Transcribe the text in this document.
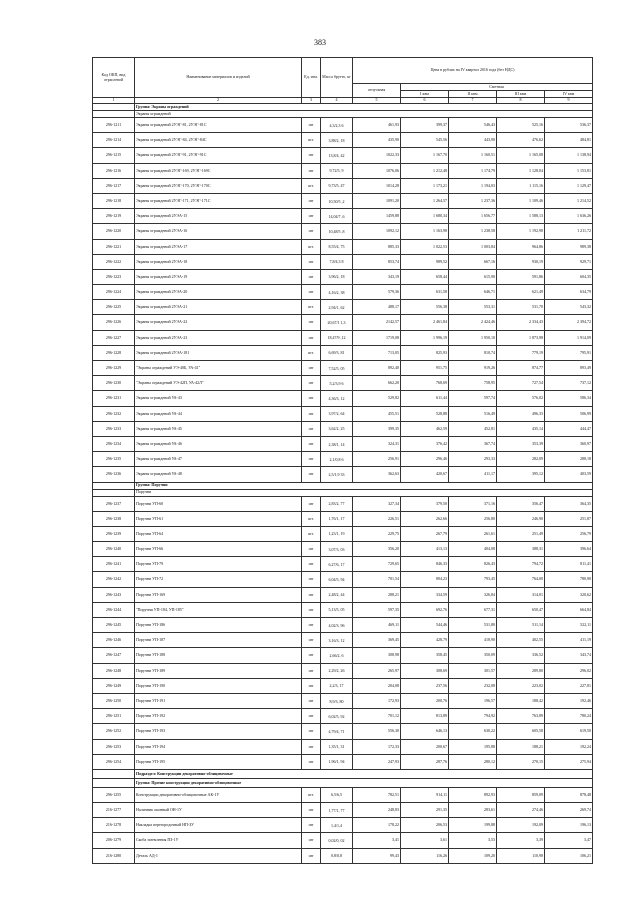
383
Код ОКП, вид отраслевой	Наименование материалов и изделий	Ед. изм.	Масса брутто, кг	Цена в рублях на IV квартал 2016 года (без НДС)				
				отпускная	Сметная			
					I квм	II квм	III квм	IV квм
1	2	3	4	5	6	7	8	9
	Группа: Экраны ограждений							
	Экраны ограждений							
296-1211	Экраны ограждений 2УЭГ-81, 2УЭГ-81С	шт	4,3/2,3 6	461,93	399,37	546,43	525,16	536,37
296-1214	Экраны ограждений 2УЭГ-84, 2УЭГ-84С	шт.	3,88/2, 18	435,90	545,56	443,90	476,62	484,81
296-1215	Экраны ограждений 2УЭГ-91, 2УЭГ-91С	шт	13,8/4, 42	1022,33	1 167,70	1 160,51	1 165,08	1 138,94
296-1216	Экраны ограждений 2УЭГ-169, 2УЭГ-169С	шт	9,72/5, 9	1076,06	1 212,48	1 174,79	1 128,04	1 153,81
296-1217	Экраны ограждений 2УЭГ-170, 2УЭГ-170С	шт.	9,73/5, 47	1014,28	1 173,21	1 194,03	1 115,16	1 129,47
296-1218	Экраны ограждений 2УЭГ-171, 2УЭГ-171С	шт	10,50/5 ,2	1091,20	1 264,57	1 237,36	1 109,46	1 214,52
296-1219	Экраны ограждений 2УЭА-15	шт	14,04/7 ,6	1459,88	1 680,34	1 656,77	1 588,13	1 636,26
296-1220	Экраны ограждений 2УЭА-16	шт	10,48/5 ,8	1092,12	1 163,98	1 238,58	1 192,98	1 211,72
296-1221	Экраны ограждений 2УЭА-17	шт.	8,55/4, 75	885,33	1 022,53	1 003,84	964,86	989,38
296-1222	Экраны ограждений 2УЭА-18	шт	7,8/4,3 8	853,74	989,52	667,16	930,19	929,71
296-1223	Экраны ограждений 2УЭА-19	шт	3,96/2, 18	343,19	658,44	615,90	591,86	604,35
296-1224	Экраны ограждений 2УЭА-20	шт	4,16/2, 38	579,36	631,58	646,71	621,49	634,79
296-1225	Экраны ограждений 2УЭА-21	шт.	2,94/1, 62	488,17	556,38	553,31	531,70	543,32
296-1226	Экраны ограждений 2УЭА-22	шт	20,67/1 1,3	2142,57	2 461,84	2 424,46	2 334,43	2 394,72
296-1227	Экраны ограждений 2УЭА-23	шт	18,47/9 ,12	1719,08	1 996,19	1 950,10	1 873,98	1 914,09
296-1228	Экраны ограждений 2УЭА-181	шт.	6,69/3, 81	713,05	825,93	810,74	779,19	795,91
296-1229	"Экраны ограждений УЭ-40Б, УА-41"	шт	7,52/5, 05	892,40	951,75	919,26	874,77	893,49
296-1230	"Экраны ограждений УЭ-42П, УА-42Л"	шт	5,2/3,9 6	662,20	768,69	758,95	727,54	737,12
296-1231	Экраны ограждений УА-43	шт	4,36/3, 12	529,82	611,44	597,74	576,02	586,34
296-1232	Экраны ограждений УА-44	шт	3,97/2, 64	455,51	528,88	516,49	496,33	506,99
296-1233	Экраны ограждений УА-45	шт	3,62/2, 25	399,35	462,59	452,81	435,14	444,47
296-1234	Экраны ограждений УА-46	шт	2,38/1, 14	324,31	376,42	367,74	353,39	360,97
296-1235	Экраны ограждений УА-47	шт	2,1/0,8 6	256,91	296,46	293,33	282,09	288,18
296-1236	Экраны ограждений УА-48	шт	2,5/1,9 33	362,63	420,67	411,17	395,12	403,59
	Группа: Поручни							
	Поручни							
296-1237	Поручни УП-60	шт	2,83/2, 77	327,34	379,50	371,16	356,47	364,35
296-1238	Поручни УП-61	шт.	1,76/1, 17	226,51	262,66	256,80	246,90	251,87
296-1239	Поручни УП-64	шт.	1,23/1, 19	229,75	267,79	261,61	251,49	256,79
296-1240	Поручни УП-66	шт	3,07/3, 03	356,20	413,13	404,08	388,31	396,64
296-1241	Поручни УП-79	шт	6,27/6, 17	729,65	846,33	826,43	794,72	811,41
296-1242	Поручни УП-72	шт	6,04/5, 94	701,54	804,23	793,45	764,00	780,90
296-1243	Поручни УП-169	шт	2,48/2, 44	288,21	334,59	326,84	314,01	320,62
296-1244	"Поручни УП-184, УП-185"	шт	5,13/5, 05	597,35	692,76	677,31	650,47	664,84
296-1245	Поручни УП-186	шт	4,02/3, 96	469,11	544,46	531,80	511,14	522,11
296-1246	Поручни УП-187	шт	3,16/3, 12	369,45	428,79	418,90	402,55	411,19
296-1247	Поручни УП-188	шт	2,66/2, 6	308,98	358,45	350,09	336,52	343,74
296-1248	Поручни УП-189	шт	2,29/2, 26	265,97	308,69	301,57	289,80	296,02
296-1249	Поручни УП-190	шт	2,2/3, 17	204,08	237,56	232,08	223,02	227,81
296-1250	Поручни УП-191	шт	8,9/3, 80	172,93	200,76	196,57	188,42	192,46
296-1251	Поручни УП-192	шт	6,02/5, 92	701,12	813,89	794,92	763,89	780,24
296-1252	Поручни УП-193	шт	4,79/4, 71	556,30	646,13	630,22	605,58	619,50
296-1253	Поручни УП-194	шт	1,35/1, 31	172,33	200,67	195,88	188,21	192,24
296-1254	Поручни УП-195	шт	1,96/1, 94	247,93	287,76	280,12	270,15	275,94
	Подраздел: Конструкции декоративно-облицовочные							
	Группа: Прочие конструкции декоративно-облицовочные							
296-1255	Конструкции декоративно-облицовочные АК-1У	шт.	6,5/6,5	782,51	914,11	892,93	859,09	878,48
216-1277	Наличник оконный ОН-1У	шт	1,77/1, 77	248,83	291,35	283,61	274,46	269,74
216-1278	Накладка перегородочный НП-ЗУ	шт	1,4/1,4	178,22	206,53	199,88	192,09	196,13
206-1279	Скоба заземления ПЗ-1У	шт	0,02/0, 02	3,41	3,61	3,53	3,39	3,47
216-1280	Деталь АД-1	шт	0,8/0,8	99,43	116,26	109,20	110,98	106,21
